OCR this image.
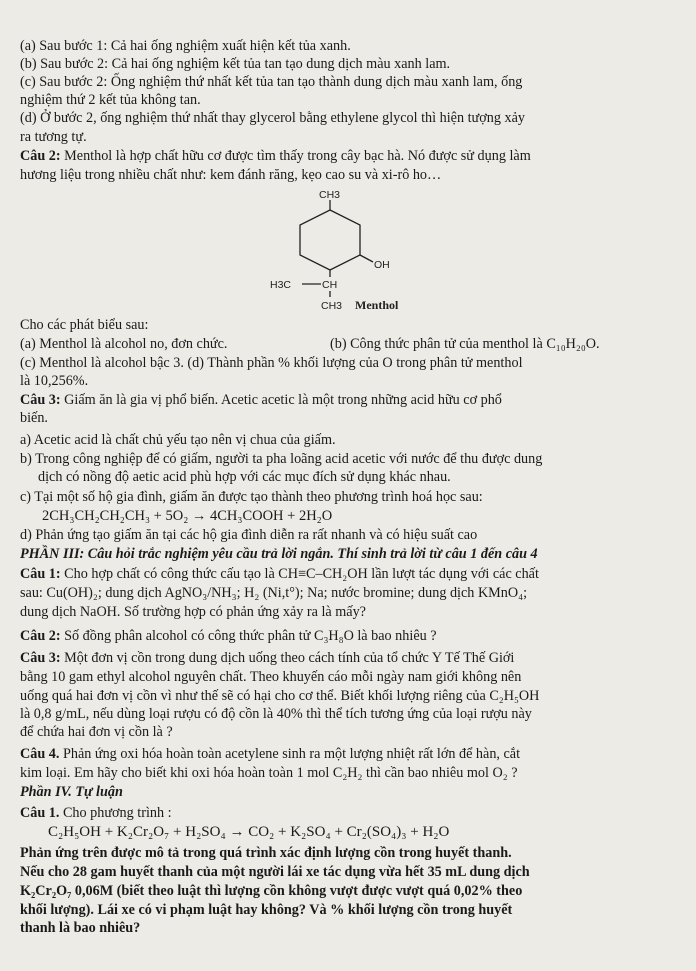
(a) Sau bước 1: Cả hai ống nghiệm xuất hiện kết tủa xanh.
(b) Sau bước 2: Cả hai ống nghiệm kết tủa tan tạo dung dịch màu xanh lam.
(c) Sau bước 2: Ống nghiệm thứ nhất kết tủa tan tạo thành dung dịch màu xanh lam, ống
nghiệm thứ 2 kết tủa không tan.
(d) Ở bước 2, ống nghiệm thứ nhất thay glycerol bằng ethylene glycol thì hiện tượng xảy
ra tương tự.
Câu 2: Menthol là hợp chất hữu cơ được tìm thấy trong cây bạc hà. Nó được sử dụng làm
hương liệu trong nhiều chất như: kem đánh răng, kẹo cao su và xi-rô ho…
CH3
OH
H3C	CH
CH3 Menthol
Cho các phát biểu sau:
(a) Menthol là alcohol no, đơn chức.	(b) Công thức phân tử của menthol là C₁₀H₂₀O.
(c) Menthol là alcohol bậc 3. (d) Thành phần % khối lượng của O trong phân tử menthol
là 10,256%.
Câu 3: Giấm ăn là gia vị phổ biến. Acetic acetic là một trong những acid hữu cơ phổ
biến.
a) Acetic acid là chất chủ yếu tạo nên vị chua của giấm.
b) Trong công nghiệp để có giấm, người ta pha loãng acid acetic với nước để thu được dung
dịch có nồng độ aetic acid phù hợp với các mục đích sử dụng khác nhau.
c) Tại một số hộ gia đình, giấm ăn được tạo thành theo phương trình hoá học sau:
2CH₃CH₂CH₂CH₃ + 5O₂ → 4CH₃COOH + 2H₂O
d) Phản ứng tạo giấm ăn tại các hộ gia đình diễn ra rất nhanh và có hiệu suất cao
PHẦN III: Câu hỏi trắc nghiệm yêu cầu trả lời ngắn. Thí sinh trả lời từ câu 1 đến câu 4
Câu 1: Cho hợp chất có công thức cấu tạo là CH≡C–CH₂OH lần lượt tác dụng với các chất
sau: Cu(OH)₂; dung dịch AgNO₃/NH₃; H₂ (Ni,t°); Na; nước bromine; dung dịch KMnO₄;
dung dịch NaOH. Số trường hợp có phản ứng xảy ra là mấy?
Câu 2: Số đồng phân alcohol có công thức phân tử C₃H₈O là bao nhiêu ?
Câu 3: Một đơn vị cồn trong dung dịch uống theo cách tính của tổ chức Y Tế Thế Giới
bằng 10 gam ethyl alcohol nguyên chất. Theo khuyến cáo mỗi ngày nam giới không nên
uống quá hai đơn vị cồn vì như thế sẽ có hại cho cơ thể. Biết khối lượng riêng của C₂H₅OH
là 0,8 g/mL, nếu dùng loại rượu có độ cồn là 40% thì thể tích tương ứng của loại rượu này
để chứa hai đơn vị cồn là ?
Câu 4. Phản ứng oxi hóa hoàn toàn acetylene sinh ra một lượng nhiệt rất lớn để hàn, cắt
kim loại. Em hãy cho biết khi oxi hóa hoàn toàn 1 mol C₂H₂ thì cần bao nhiêu mol O₂ ?
Phần IV. Tự luận
Câu 1. Cho phương trình :
C₂H₅OH + K₂Cr₂O₇ + H₂SO₄ → CO₂ + K₂SO₄ + Cr₂(SO₄)₃ + H₂O
Phản ứng trên được mô tả trong quá trình xác định lượng cồn trong huyết thanh.
Nếu cho 28 gam huyết thanh của một người lái xe tác dụng vừa hết 35 mL dung dịch
K₂Cr₂O₇ 0,06M (biết theo luật thì lượng cồn không vượt được vượt quá 0,02% theo
khối lượng). Lái xe có vi phạm luật hay không? Và % khối lượng cồn trong huyết
thanh là bao nhiêu?
